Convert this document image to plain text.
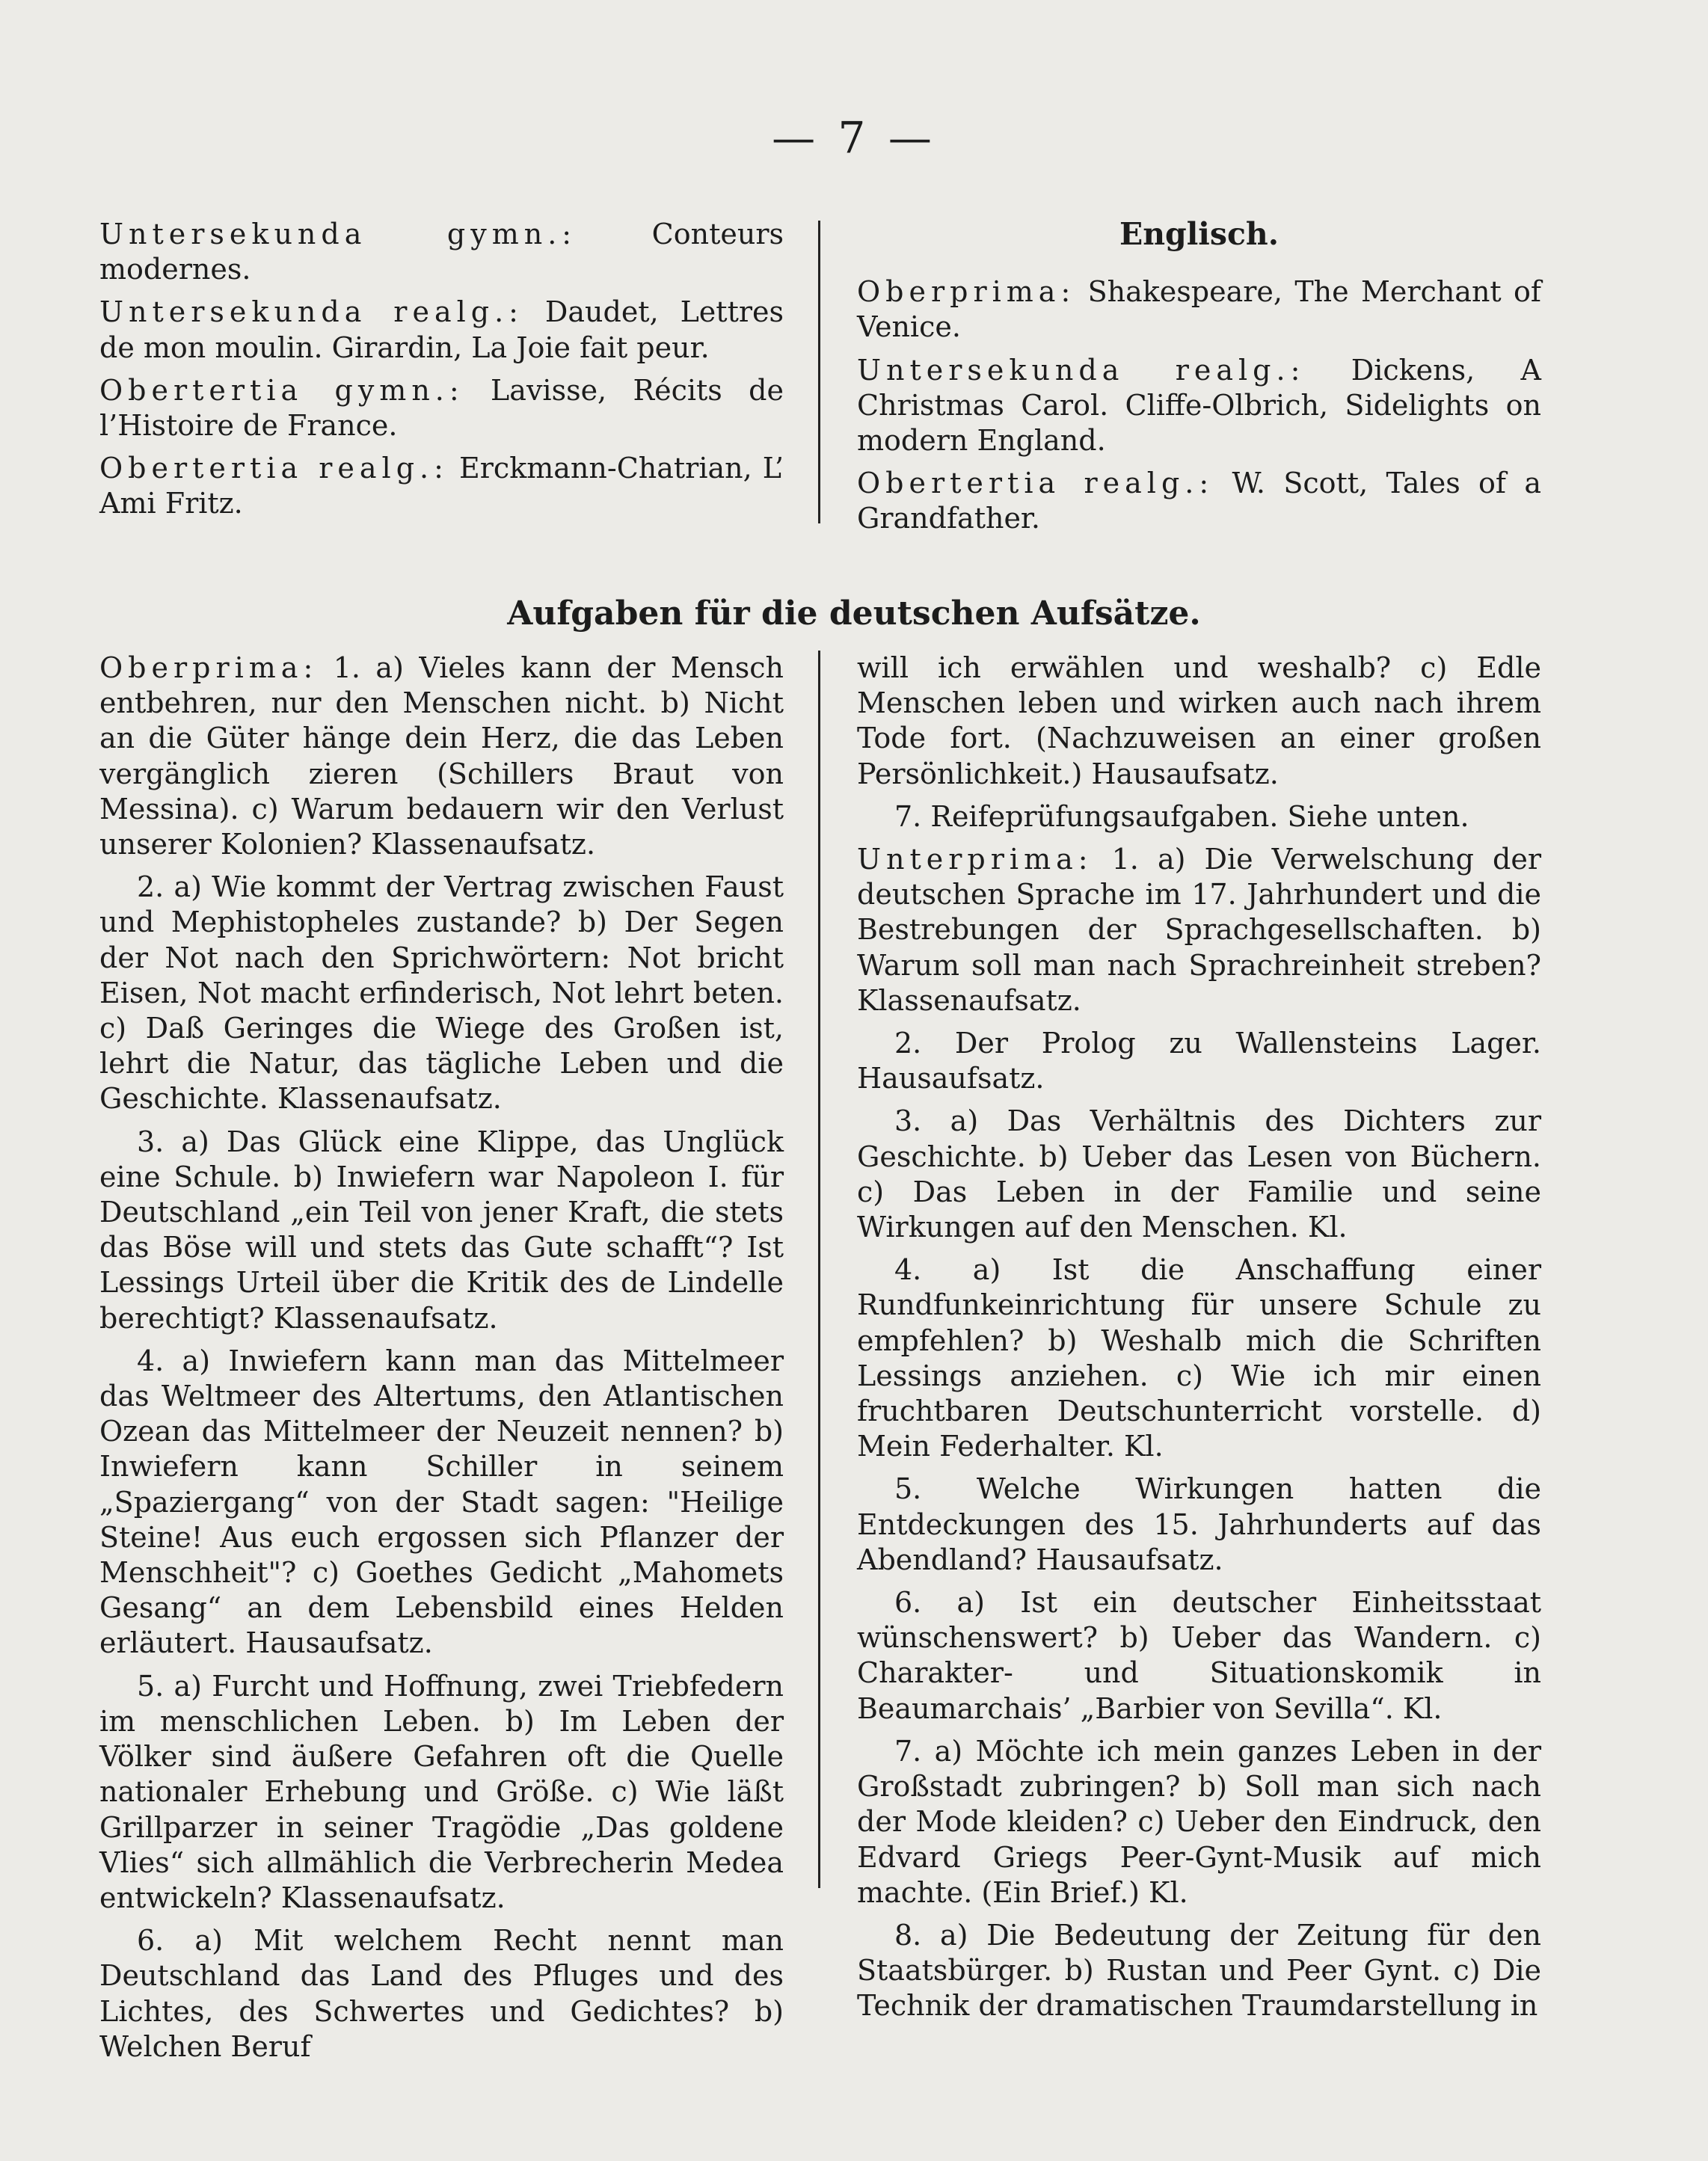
— 7 —

Untersekunda gymn.: Conteurs modernes.

Untersekunda realg.: Daudet, Lettres de mon moulin. Girardin, La Joie fait peur.

Obertertia gymn.: Lavisse, Récits de l’Histoire de France.

Obertertia realg.: Erckmann-Chatrian, L’ Ami Fritz.

Englisch.

Oberprima: Shakespeare, The Merchant of Venice.

Untersekunda realg.: Dickens, A Christmas Carol. Cliffe-Olbrich, Sidelights on modern England.

Obertertia realg.: W. Scott, Tales of a Grandfather.

Aufgaben für die deutschen Aufsätze.

Oberprima: 1. a) Vieles kann der Mensch entbehren, nur den Menschen nicht. b) Nicht an die Güter hänge dein Herz, die das Leben vergänglich zieren (Schillers Braut von Messina). c) Warum bedauern wir den Verlust unserer Kolonien? Klassenaufsatz.

2. a) Wie kommt der Vertrag zwischen Faust und Mephistopheles zustande? b) Der Segen der Not nach den Sprichwörtern: Not bricht Eisen, Not macht erfinderisch, Not lehrt beten. c) Daß Geringes die Wiege des Großen ist, lehrt die Natur, das tägliche Leben und die Geschichte. Klassenaufsatz.

3. a) Das Glück eine Klippe, das Unglück eine Schule. b) Inwiefern war Napoleon I. für Deutschland „ein Teil von jener Kraft, die stets das Böse will und stets das Gute schafft“? Ist Lessings Urteil über die Kritik des de Lindelle berechtigt? Klassenaufsatz.

4. a) Inwiefern kann man das Mittelmeer das Weltmeer des Altertums, den Atlantischen Ozean das Mittelmeer der Neuzeit nennen? b) Inwiefern kann Schiller in seinem „Spaziergang“ von der Stadt sagen: "Heilige Steine! Aus euch ergossen sich Pflanzer der Menschheit"? c) Goethes Gedicht „Mahomets Gesang“ an dem Lebensbild eines Helden erläutert. Hausaufsatz.

5. a) Furcht und Hoffnung, zwei Triebfedern im menschlichen Leben. b) Im Leben der Völker sind äußere Gefahren oft die Quelle nationaler Erhebung und Größe. c) Wie läßt Grillparzer in seiner Tragödie „Das goldene Vlies“ sich allmählich die Verbrecherin Medea entwickeln? Klassenaufsatz.

6. a) Mit welchem Recht nennt man Deutschland das Land des Pfluges und des Lichtes, des Schwertes und Gedichtes? b) Welchen Beruf

will ich erwählen und weshalb? c) Edle Menschen leben und wirken auch nach ihrem Tode fort. (Nachzuweisen an einer großen Persönlichkeit.) Hausaufsatz.

7. Reifeprüfungsaufgaben. Siehe unten.

Unterprima: 1. a) Die Verwelschung der deutschen Sprache im 17. Jahrhundert und die Bestrebungen der Sprachgesellschaften. b) Warum soll man nach Sprachreinheit streben? Klassenaufsatz.

2. Der Prolog zu Wallensteins Lager. Hausaufsatz.

3. a) Das Verhältnis des Dichters zur Geschichte. b) Ueber das Lesen von Büchern. c) Das Leben in der Familie und seine Wirkungen auf den Menschen. Kl.

4. a) Ist die Anschaffung einer Rundfunkeinrichtung für unsere Schule zu empfehlen? b) Weshalb mich die Schriften Lessings anziehen. c) Wie ich mir einen fruchtbaren Deutschunterricht vorstelle. d) Mein Federhalter. Kl.

5. Welche Wirkungen hatten die Entdeckungen des 15. Jahrhunderts auf das Abendland? Hausaufsatz.

6. a) Ist ein deutscher Einheitsstaat wünschenswert? b) Ueber das Wandern. c) Charakter- und Situationskomik in Beaumarchais’ „Barbier von Sevilla“. Kl.

7. a) Möchte ich mein ganzes Leben in der Großstadt zubringen? b) Soll man sich nach der Mode kleiden? c) Ueber den Eindruck, den Edvard Griegs Peer-Gynt-Musik auf mich machte. (Ein Brief.) Kl.

8. a) Die Bedeutung der Zeitung für den Staatsbürger. b) Rustan und Peer Gynt. c) Die Technik der dramatischen Traumdarstellung in
